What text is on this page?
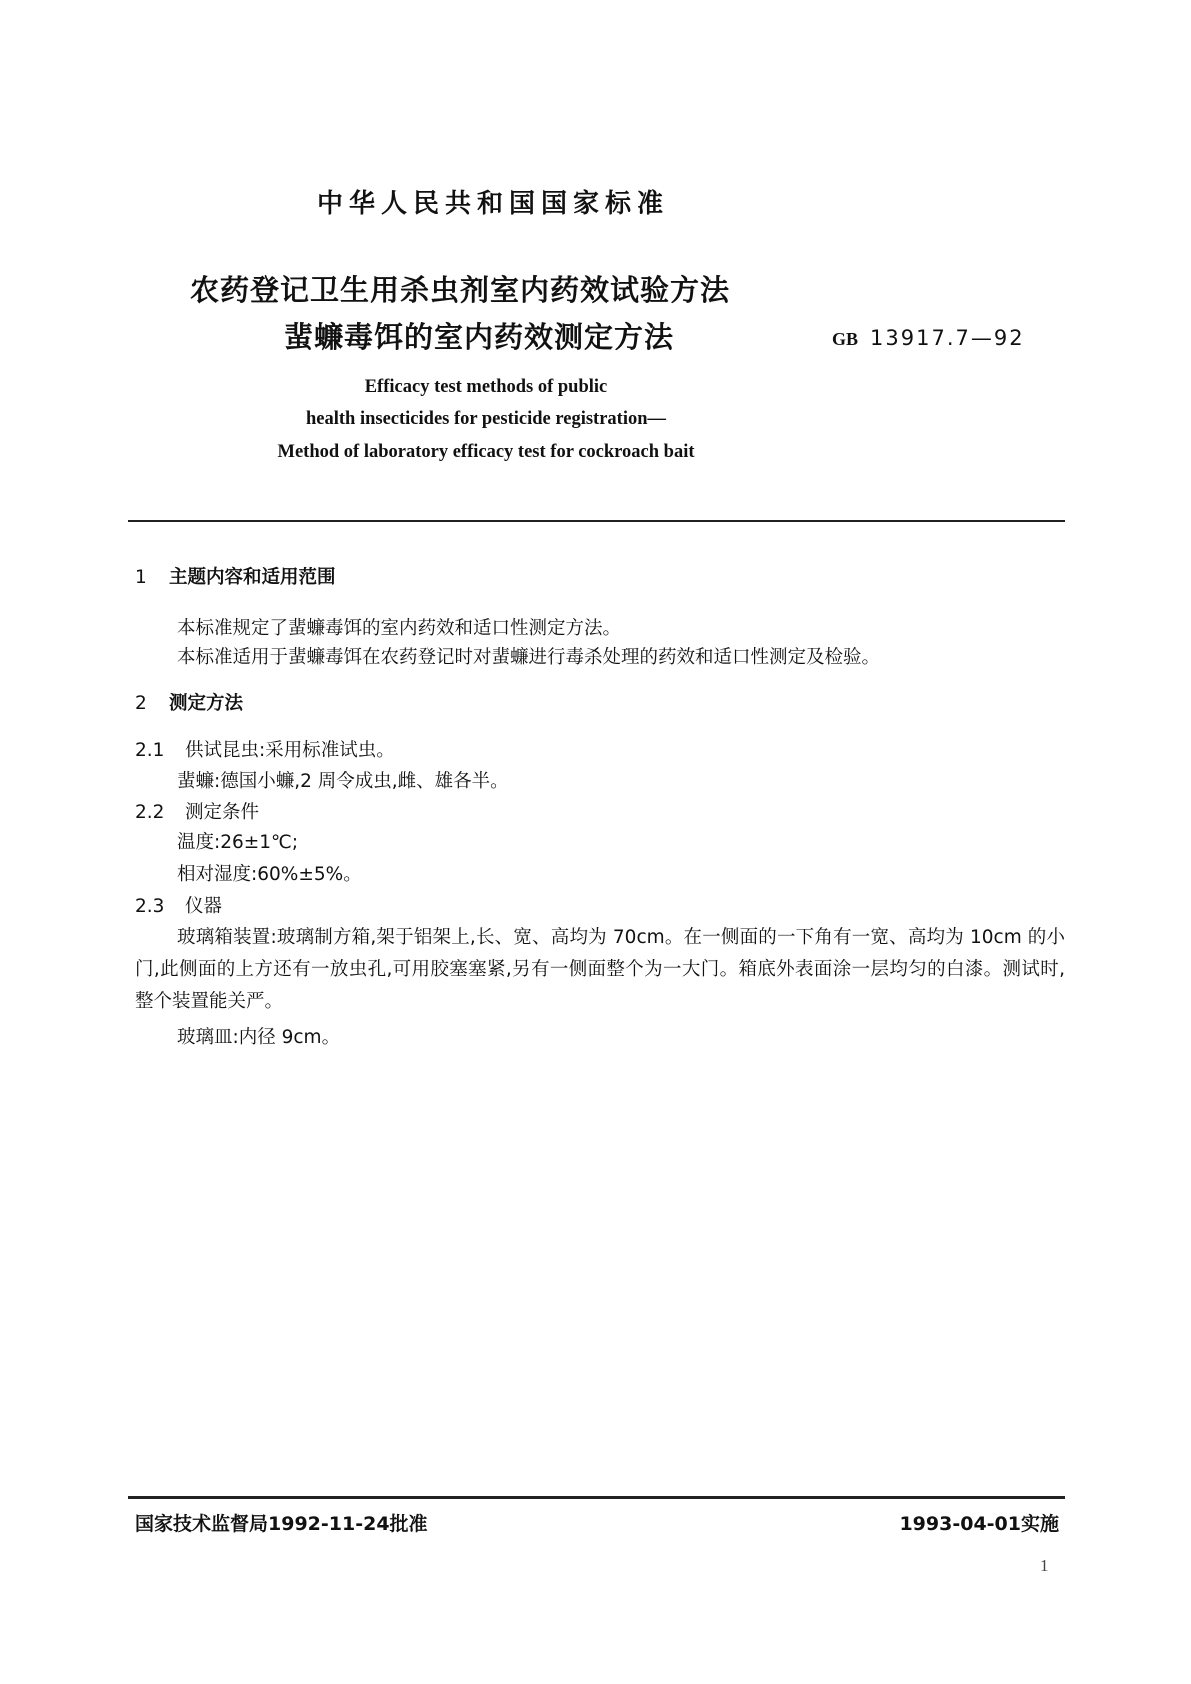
中华人民共和国国家标准
农药登记卫生用杀虫剂室内药效试验方法
蜚蠊毒饵的室内药效测定方法	GB 13917.7—92
Efficacy test methods of public
health insecticides for pesticide registration—
Method of laboratory efficacy test for cockroach bait
1 主题内容和适用范围
本标准规定了蜚蠊毒饵的室内药效和适口性测定方法。
本标准适用于蜚蠊毒饵在农药登记时对蜚蠊进行毒杀处理的药效和适口性测定及检验。
2 测定方法
2.1 供试昆虫:采用标准试虫。
蜚蠊:德国小蠊,2 周令成虫,雌、雄各半。
2.2 测定条件
温度:26±1℃;
相对湿度:60%±5%。
2.3 仪器
玻璃箱装置:玻璃制方箱,架于铝架上,长、宽、高均为 70cm。在一侧面的一下角有一宽、高均为 10cm 的小门,此侧面的上方还有一放虫孔,可用胶塞塞紧,另有一侧面整个为一大门。箱底外表面涂一层均匀的白漆。测试时,整个装置能关严。
玻璃皿:内径 9cm。
国家技术监督局1992-11-24批准	1993-04-01实施
1
